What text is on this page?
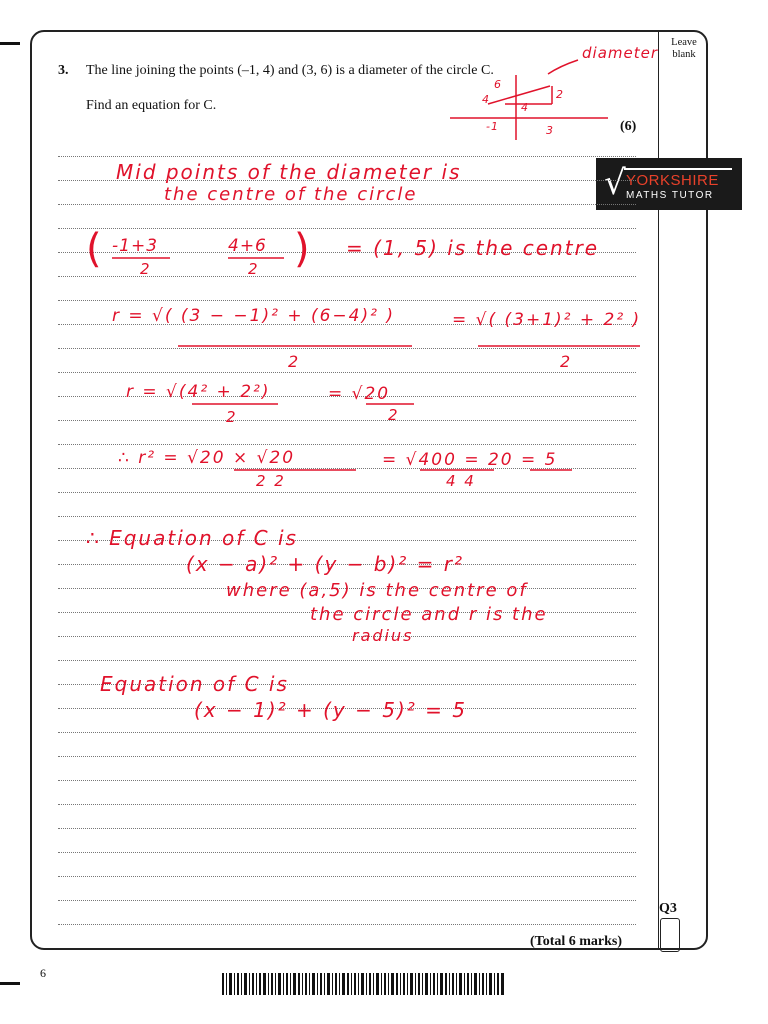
Leave blank
3. The line joining the points (–1, 4) and (3, 6) is a diameter of the circle C.
Find an equation for C.
(6)
diameter
6
4	2
4
-1	3
√ YORKSHIRE
MATHS TUTOR
Mid points of the diameter is
the centre of the circle
( -1+3
2
4+6
2 ) = (1, 5) is the centre
r = √( (3 − −1)² + (6−4)² )
2
= √( (3+1)² + 2² )
2
r = √(4² + 2²)
2
= √20
2
∴ r² = √20 × √20
2 2
= √400 = 20 = 5
4 4
∴ Equation of C is
(x − a)² + (y − b)² = r²
where (a,5) is the centre of
the circle and r is the
radius
Equation of C is
(x − 1)² + (y − 5)² = 5
Q3
(Total 6 marks)
6
